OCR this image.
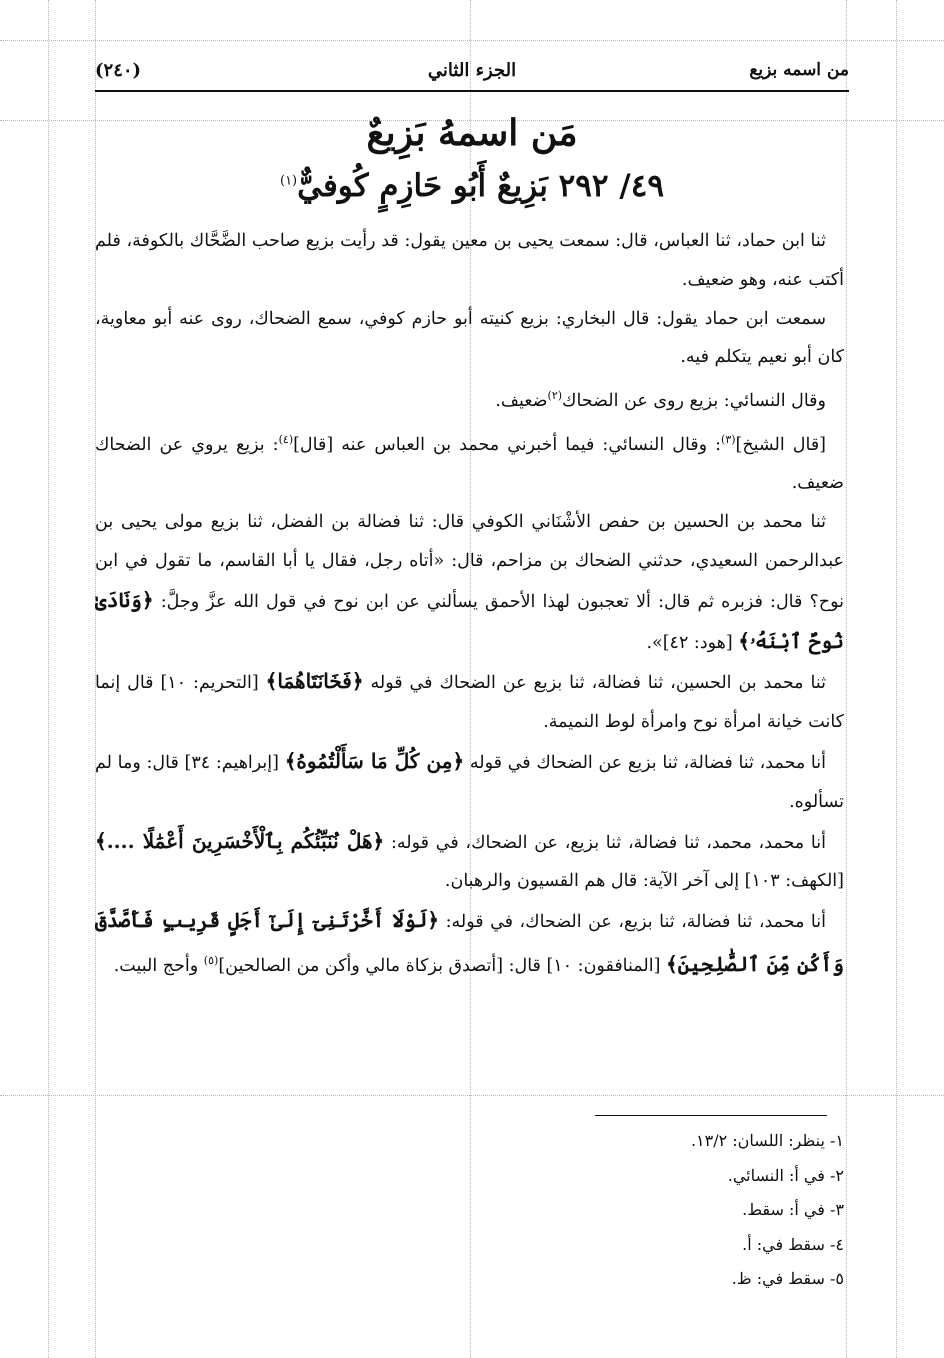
من اسمه بزيع
الجزء الثاني
(٢٤٠)
مَن اسمهُ بَزِيعٌ
٤٩/ ٢٩٢ بَزِيعٌ أَبُو حَازِمٍ كُوفيٌّ$^{(١)}$

ثنا ابن حماد، ثنا العباس، قال: سمعت يحيى بن معين يقول: قد رأيت بزيع صاحب الضَّحَّاك بالكوفة، فلم أكتب عنه، وهو ضعيف.

سمعت ابن حماد يقول: قال البخاري: بزيع كنيته أبو حازم كوفي، سمع الضحاك، روى عنه أبو معاوية، كان أبو نعيم يتكلم فيه.

وقال النسائي: بزيع روى عن الضحاك$^{(٢)}$ضعيف.

[قال الشيخ]$^{(٣)}$: وقال النسائي: فيما أخبرني محمد بن العباس عنه [قال]$^{(٤)}$: بزيع يروي عن الضحاك ضعيف.

ثنا محمد بن الحسين بن حفص الأشْنَاني الكوفي قال: ثنا فضالة بن الفضل، ثنا بزيع مولى يحيى بن عبدالرحمن السعيدي، حدثني الضحاك بن مزاحم، قال: «أتاه رجل، فقال يا أبا القاسم، ما تقول في ابن نوح؟ قال: فزبره ثم قال: ألا تعجبون لهذا الأحمق يسألني عن ابن نوح في قول الله عزَّ وجلَّ: ﴿وَنَادَىٰ نُوحٌ ٱبْنَهُۥ﴾ [هود: ٤٢]».

ثنا محمد بن الحسين، ثنا فضالة، ثنا بزيع عن الضحاك في قوله ﴿فَخَانَتَاهُمَا﴾ [التحريم: ١٠] قال إنما كانت خيانة امرأة نوح وامرأة لوط النميمة.

أنا محمد، ثنا فضالة، ثنا بزيع عن الضحاك في قوله ﴿مِن كُلِّ مَا سَأَلْتُمُوهُ﴾ [إبراهيم: ٣٤] قال: وما لم تسألوه.

أنا محمد، محمد، ثنا فضالة، ثنا بزيع، عن الضحاك، في قوله: ﴿هَلْ نُنَبِّئُكُم بِٱلْأَخْسَرِينَ أَعْمَٰلًا ....﴾ [الكهف: ١٠٣] إلى آخر الآية: قال هم القسيون والرهبان.

أنا محمد، ثنا فضالة، ثنا بزيع، عن الضحاك، في قوله: ﴿لَوْلَا أَخَّرْتَنِىٓ إِلَىٰٓ أَجَلٍ قَرِيبٍ فَأَصَّدَّقَ وَأَكُن مِّنَ ٱلصَّٰلِحِينَ﴾ [المنافقون: ١٠] قال: [أتصدق بزكاة مالي وأكن من الصالحين]$^{(٥)}$ وأحج البيت.

١- ينظر: اللسان: ١٣/٢.
٢- في أ: النسائي.
٣- في أ: سقط.
٤- سقط في: أ.
٥- سقط في: ظ.
